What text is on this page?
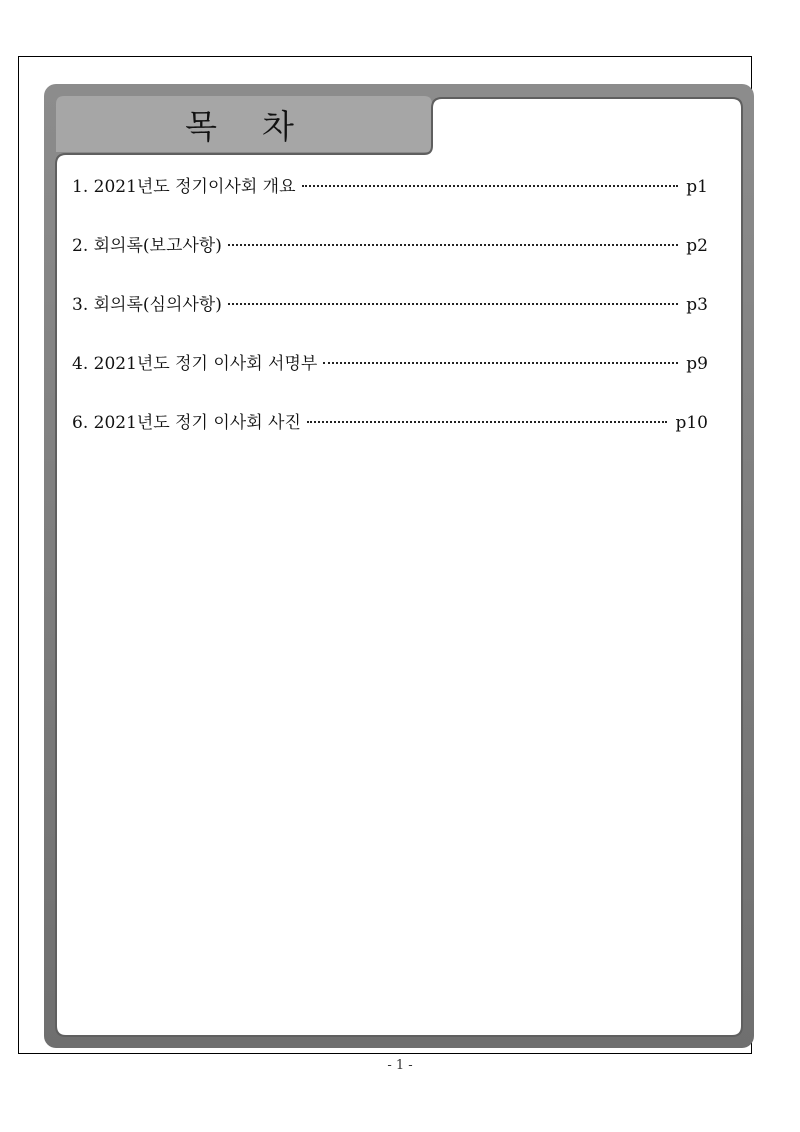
목 차
1. 2021년도 정기이사회 개요	p1
2. 회의록(보고사항)	p2
3. 회의록(심의사항)	p3
4. 2021년도 정기 이사회 서명부	p9
6. 2021년도 정기 이사회 사진	p10
- 1 -
